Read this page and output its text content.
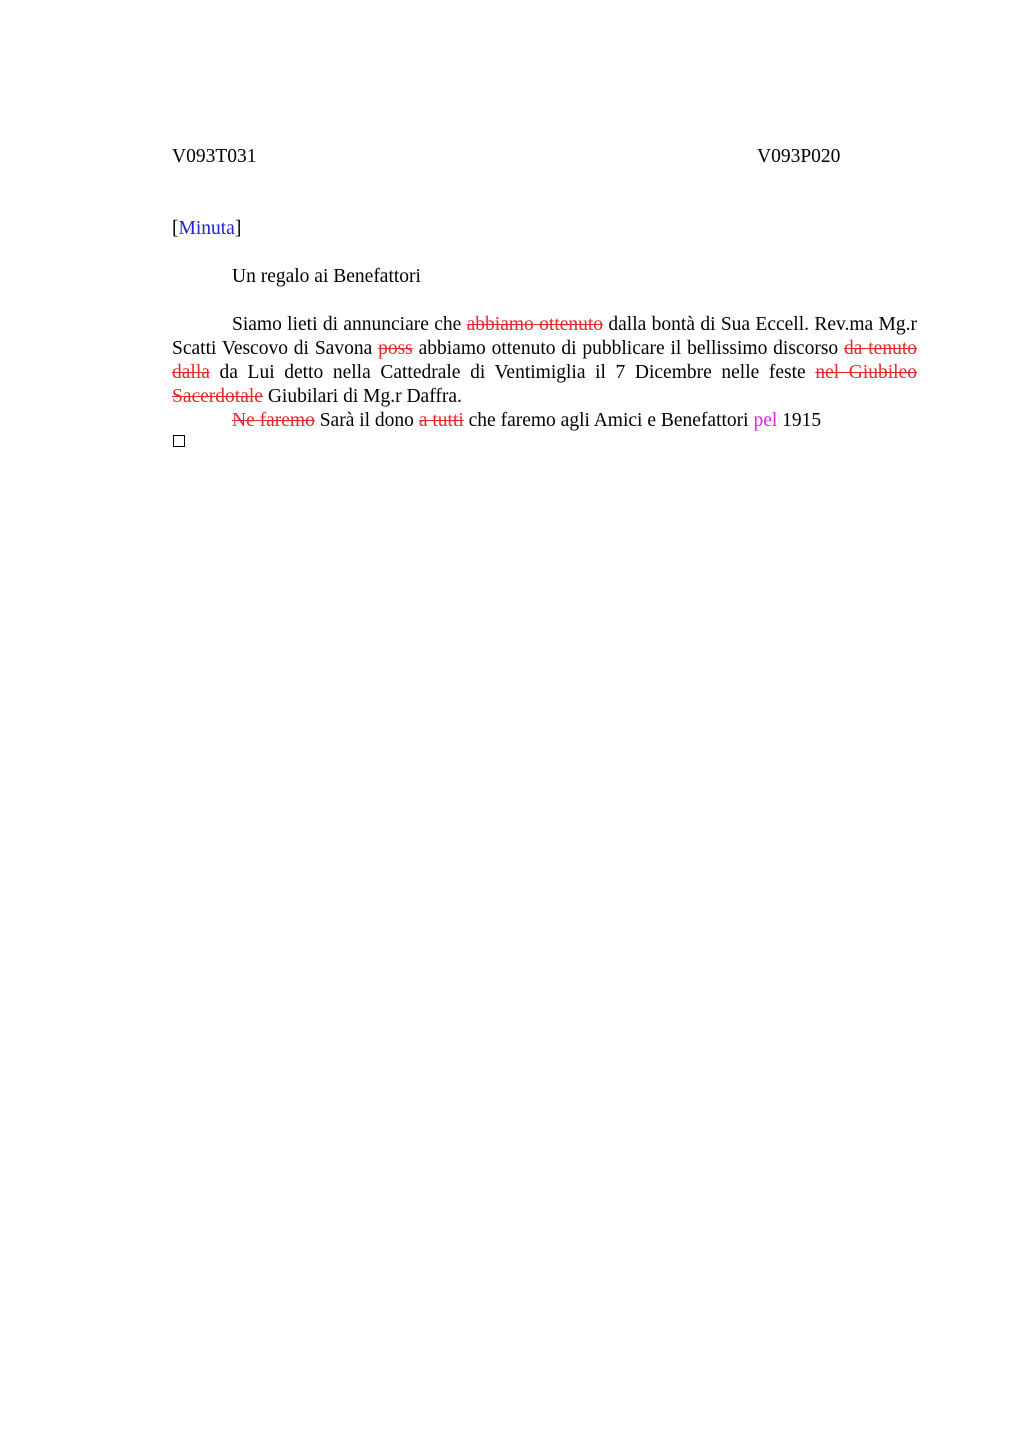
V093T031	V093P020
[Minuta]
Un regalo ai Benefattori

Siamo lieti di annunciare che abbiamo ottenuto dalla bontà di Sua Eccell. Rev.ma Mg.r Scatti Vescovo di Savona poss abbiamo ottenuto di pubblicare il bellissimo discorso da tenuto dalla da Lui detto nella Cattedrale di Ventimiglia il 7 Dicembre nelle feste nel Giubileo Sacerdotale Giubilari di Mg.r Daffra.

Ne faremo Sarà il dono a tutti che faremo agli Amici e Benefattori pel 1915
